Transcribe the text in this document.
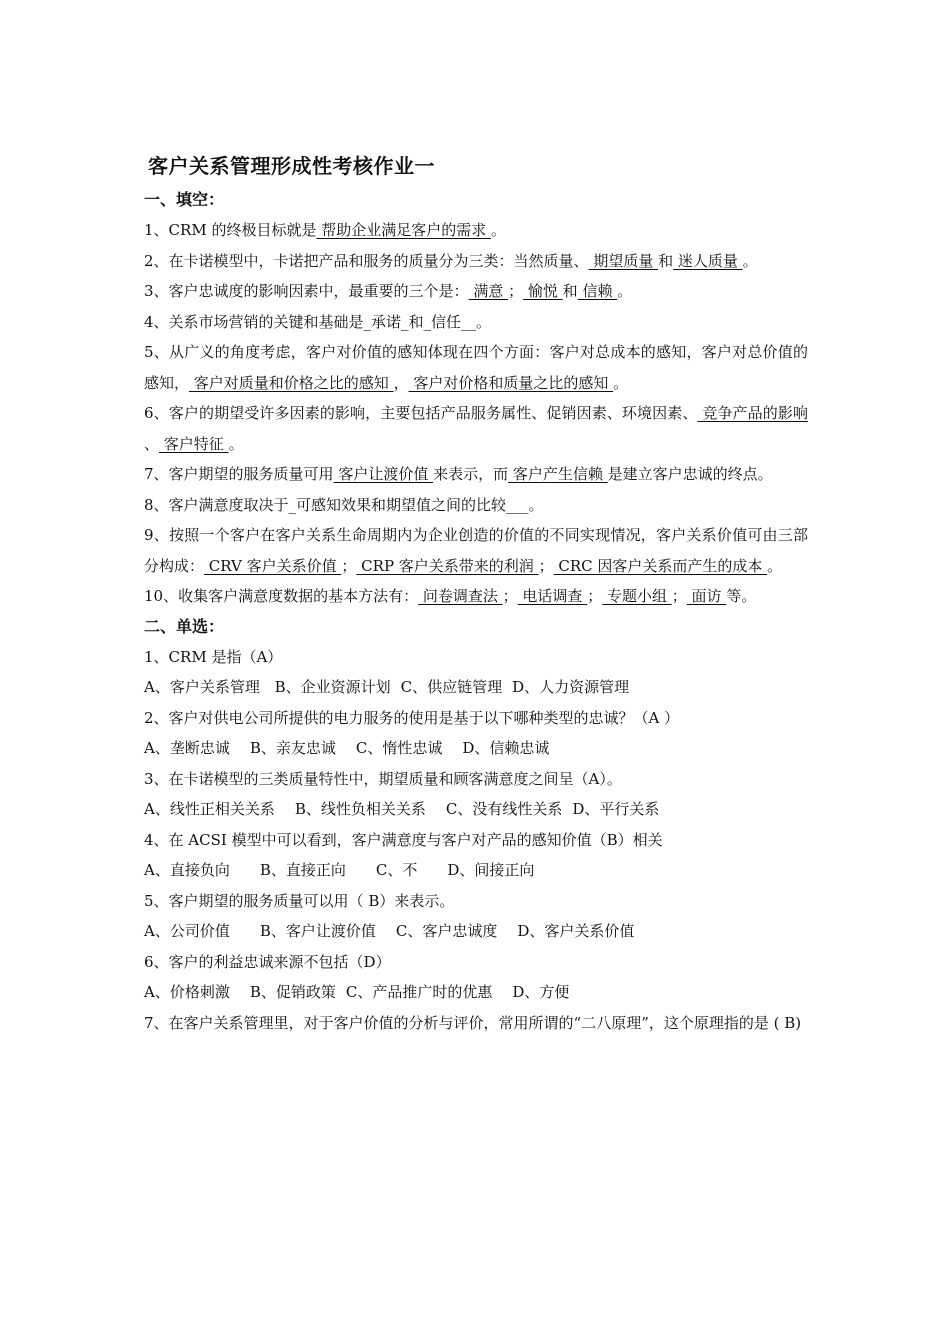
客户关系管理形成性考核作业一
一、填空：
1、CRM 的终极目标就是 帮助企业满足客户的需求 。
2、在卡诺模型中，卡诺把产品和服务的质量分为三类：当然质量、 期望质量 和 迷人质量 。
3、客户忠诚度的影响因素中，最重要的三个是： 满意 ； 愉悦 和 信赖 。
4、关系市场营销的关键和基础是_承诺_和_信任__。
5、从广义的角度考虑，客户对价值的感知体现在四个方面：客户对总成本的感知，客户对总价值的感知， 客户对质量和价格之比的感知 ， 客户对价格和质量之比的感知 。
6、客户的期望受许多因素的影响，主要包括产品服务属性、促销因素、环境因素、 竞争产品的影响 、 客户特征 。
7、客户期望的服务质量可用 客户让渡价值 来表示，而 客户产生信赖 是建立客户忠诚的终点。
8、客户满意度取决于_可感知效果和期望值之间的比较___。
9、按照一个客户在客户关系生命周期内为企业创造的价值的不同实现情况，客户关系价值可由三部分构成： CRV 客户关系价值 ； CRP 客户关系带来的利润 ； CRC 因客户关系而产生的成本 。
10、收集客户满意度数据的基本方法有： 问卷调查法 ； 电话调查 ； 专题小组 ； 面访 等。
二、单选：
1、CRM 是指（A）
A、客户关系管理 B、企业资源计划 C、供应链管理 D、人力资源管理
2、客户对供电公司所提供的电力服务的使用是基于以下哪种类型的忠诚？（A ）
A、垄断忠诚 B、亲友忠诚 C、惰性忠诚 D、信赖忠诚
3、在卡诺模型的三类质量特性中，期望质量和顾客满意度之间呈（A）。
A、线性正相关关系 B、线性负相关关系 C、没有线性关系 D、平行关系
4、在 ACSI 模型中可以看到，客户满意度与客户对产品的感知价值（B）相关
A、直接负向 B、直接正向 C、不 D、间接正向
5、客户期望的服务质量可以用（ B）来表示。
A、公司价值 B、客户让渡价值 C、客户忠诚度 D、客户关系价值
6、客户的利益忠诚来源不包括（D）
A、价格刺激 B、促销政策 C、产品推广时的优惠 D、方便
7、在客户关系管理里，对于客户价值的分析与评价，常用所谓的“二八原理”，这个原理指的是 ( B)
